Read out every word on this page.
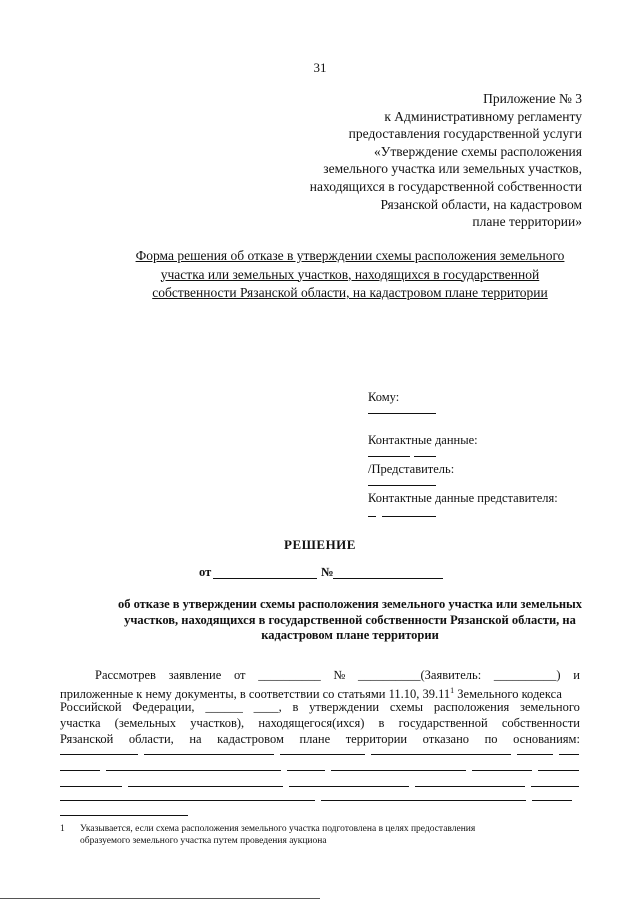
31
Приложение № 3
к Административному регламенту
предоставления государственной услуги
«Утверждение схемы расположения
земельного участка или земельных участков,
находящихся в государственной собственности
Рязанской области, на кадастровом
плане территории»
Форма решения об отказе в утверждении схемы расположения земельного
участка или земельных участков, находящихся в государственной
собственности Рязанской области, на кадастровом плане территории
Кому:
Контактные данные:
/Представитель:
Контактные данные представителя:
РЕШЕНИЕ
от	№
об отказе в утверждении схемы расположения земельного участка или земельных
участков, находящихся в государственной собственности Рязанской области, на
кадастровом плане территории
Рассмотрев заявление от __________ № __________(Заявитель: __________) и
приложенные к нему документы, в соответствии со статьями 11.10, 39.11$^1$ Земельного кодекса
Российской Федерации, ______ ____, в утверждении схемы расположения земельного
участка (земельных участков), находящегося(ихся) в государственной собственности
Рязанской области, на кадастровом плане территории отказано по основаниям:
1 Указывается, если схема расположения земельного участка подготовлена в целях предоставления
образуемого земельного участка путем проведения аукциона
